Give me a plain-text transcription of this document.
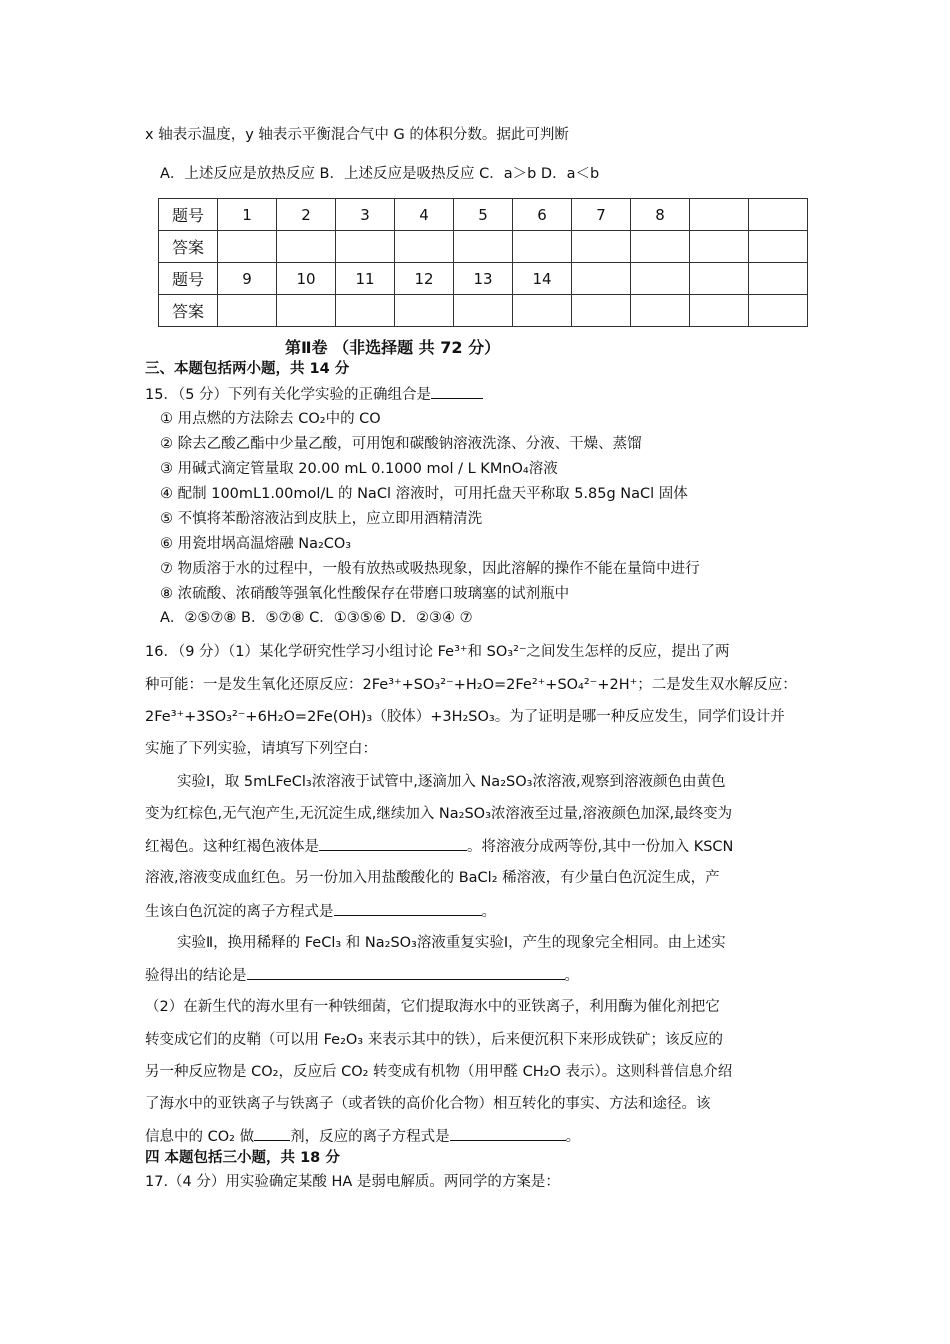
x 轴表示温度，y 轴表示平衡混合气中 G 的体积分数。据此可判断
A．上述反应是放热反应 B．上述反应是吸热反应 C．a＞b D．a＜b
题号	1	2	3	4	5	6	7	8		
答案										
题号	9	10	11	12	13	14				
答案										
第Ⅱ卷 （非选择题 共 72 分）
三、本题包括两小题，共 14 分
15．（5 分）下列有关化学实验的正确组合是
① 用点燃的方法除去 CO₂中的 CO
② 除去乙酸乙酯中少量乙酸，可用饱和碳酸钠溶液洗涤、分液、干燥、蒸馏
③ 用碱式滴定管量取 20.00 mL 0.1000 mol / L KMnO₄溶液
④ 配制 100mL1.00mol/L 的 NaCl 溶液时，可用托盘天平称取 5.85g NaCl 固体
⑤ 不慎将苯酚溶液沾到皮肤上，应立即用酒精清洗
⑥ 用瓷坩埚高温熔融 Na₂CO₃
⑦ 物质溶于水的过程中，一般有放热或吸热现象，因此溶解的操作不能在量筒中进行
⑧ 浓硫酸、浓硝酸等强氧化性酸保存在带磨口玻璃塞的试剂瓶中
A．②⑤⑦⑧ B．⑤⑦⑧ C．①③⑤⑥ D．②③④ ⑦
16．（9 分）（1）某化学研究性学习小组讨论 Fe³⁺和 SO₃²⁻之间发生怎样的反应，提出了两
种可能：一是发生氧化还原反应：2Fe³⁺+SO₃²⁻+H₂O=2Fe²⁺+SO₄²⁻+2H⁺；二是发生双水解反应：
2Fe³⁺+3SO₃²⁻+6H₂O=2Fe(OH)₃（胶体）+3H₂SO₃。为了证明是哪一种反应发生，同学们设计并
实施了下列实验，请填写下列空白：
实验Ⅰ，取 5mLFeCl₃浓溶液于试管中,逐滴加入 Na₂SO₃浓溶液,观察到溶液颜色由黄色
变为红棕色,无气泡产生,无沉淀生成,继续加入 Na₂SO₃浓溶液至过量,溶液颜色加深,最终变为
红褐色。这种红褐色液体是	。将溶液分成两等份,其中一份加入 KSCN
溶液,溶液变成血红色。另一份加入用盐酸酸化的 BaCl₂ 稀溶液，有少量白色沉淀生成，产
生该白色沉淀的离子方程式是	。
实验Ⅱ，换用稀释的 FeCl₃ 和 Na₂SO₃溶液重复实验Ⅰ，产生的现象完全相同。由上述实
验得出的结论是	。
（2）在新生代的海水里有一种铁细菌，它们提取海水中的亚铁离子，利用酶为催化剂把它
转变成它们的皮鞘（可以用 Fe₂O₃ 来表示其中的铁），后来便沉积下来形成铁矿；该反应的
另一种反应物是 CO₂，反应后 CO₂ 转变成有机物（用甲醛 CH₂O 表示）。这则科普信息介绍
了海水中的亚铁离子与铁离子（或者铁的高价化合物）相互转化的事实、方法和途径。该
信息中的 CO₂ 做 剂，反应的离子方程式是	。
四 本题包括三小题，共 18 分
17.（4 分）用实验确定某酸 HA 是弱电解质。两同学的方案是：
